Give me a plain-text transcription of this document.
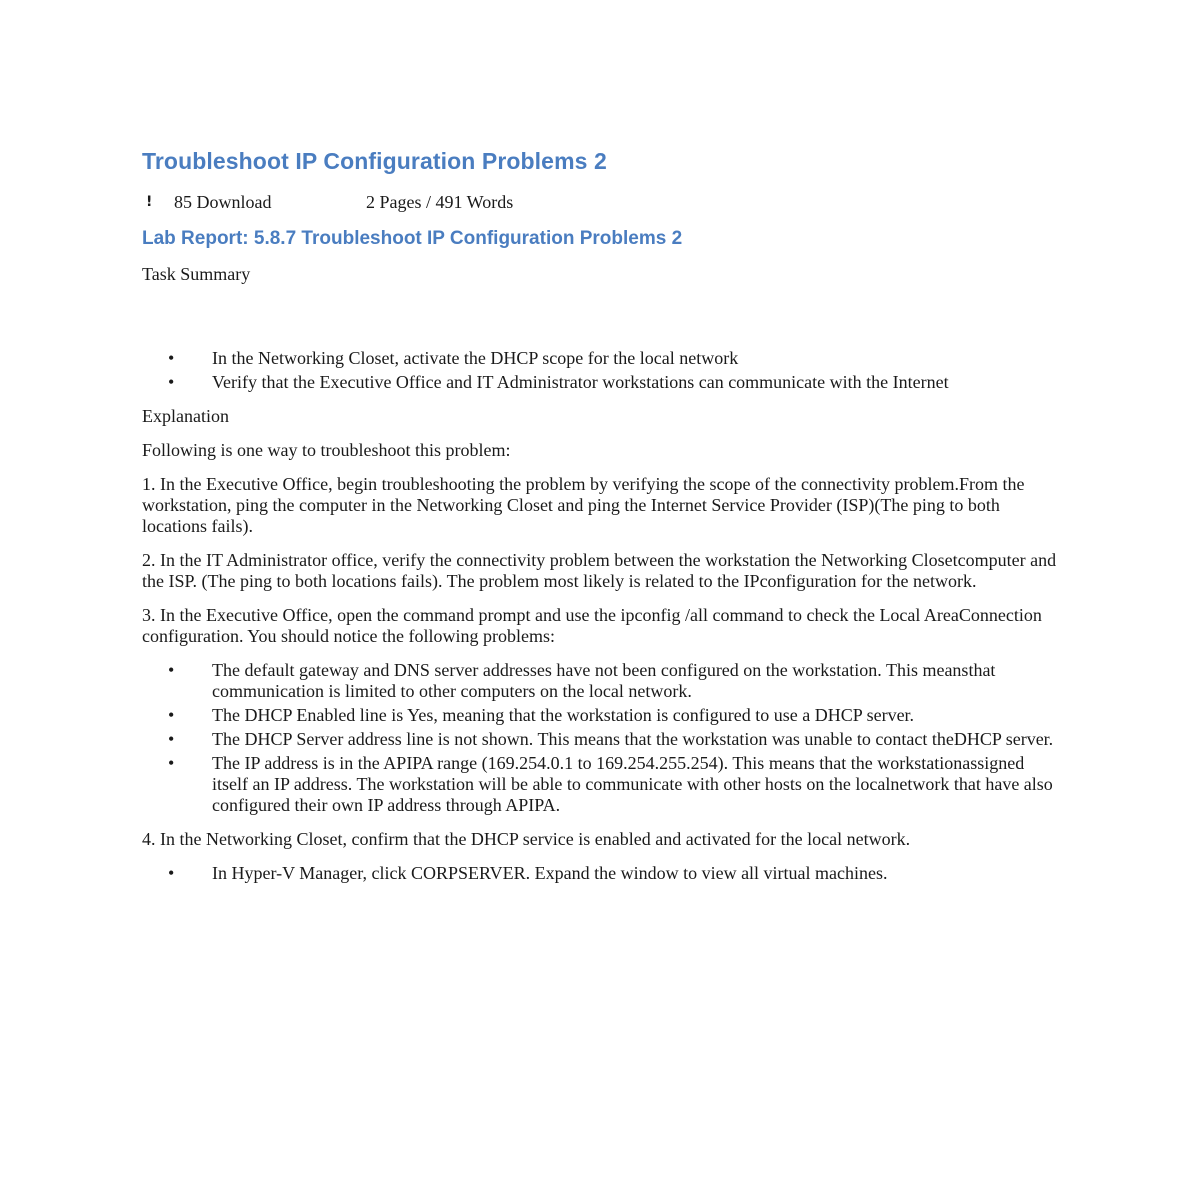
Troubleshoot IP Configuration Problems 2
!	85 Download	2 Pages / 491 Words
Lab Report: 5.8.7 Troubleshoot IP Configuration Problems 2

Task Summary

• In the Networking Closet, activate the DHCP scope for the local network
• Verify that the Executive Office and IT Administrator workstations can communicate with the Internet

Explanation

Following is one way to troubleshoot this problem:

1. In the Executive Office, begin troubleshooting the problem by verifying the scope of the connectivity problem.From the workstation, ping the computer in the Networking Closet and ping the Internet Service Provider (ISP)(The ping to both locations fails).

2. In the IT Administrator office, verify the connectivity problem between the workstation the Networking Closetcomputer and the ISP. (The ping to both locations fails). The problem most likely is related to the IPconfiguration for the network.

3. In the Executive Office, open the command prompt and use the ipconfig /all command to check the Local AreaConnection configuration. You should notice the following problems:

• The default gateway and DNS server addresses have not been configured on the workstation. This meansthat communication is limited to other computers on the local network.
• The DHCP Enabled line is Yes, meaning that the workstation is configured to use a DHCP server.
• The DHCP Server address line is not shown. This means that the workstation was unable to contact theDHCP server.
• The IP address is in the APIPA range (169.254.0.1 to 169.254.255.254). This means that the workstationassigned itself an IP address. The workstation will be able to communicate with other hosts on the localnetwork that have also configured their own IP address through APIPA.

4. In the Networking Closet, confirm that the DHCP service is enabled and activated for the local network.

• In Hyper-V Manager, click CORPSERVER. Expand the window to view all virtual machines.
